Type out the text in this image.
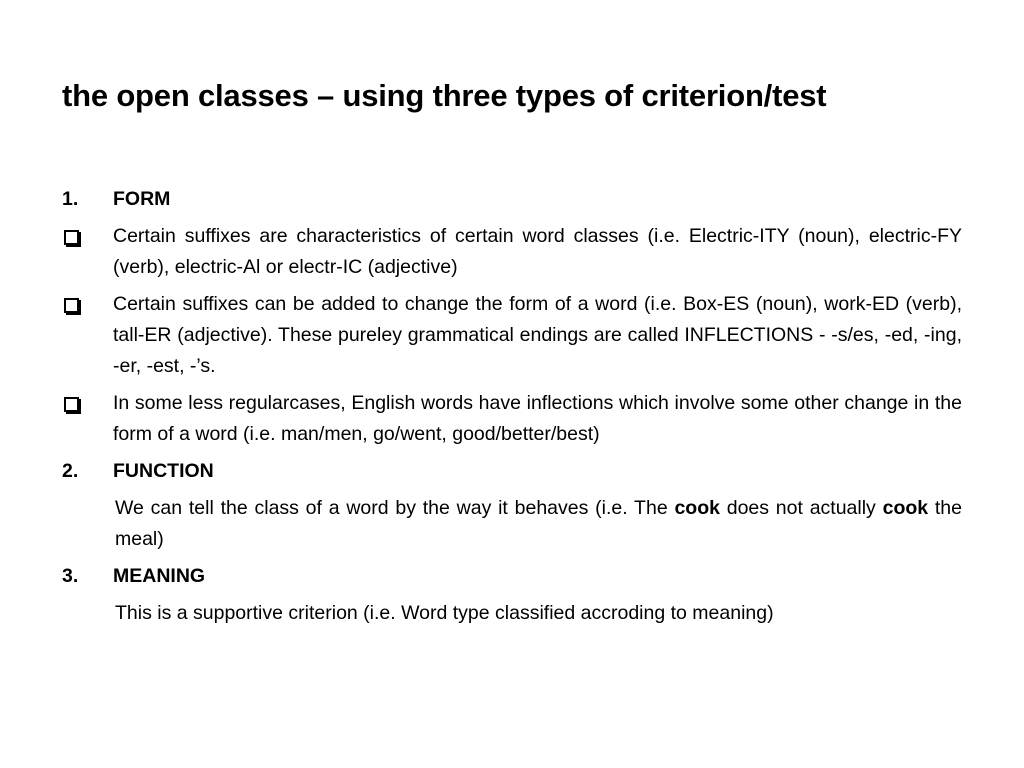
the open classes – using three types of criterion/test
1.	FORM
Certain suffixes are characteristics of certain word classes (i.e. Electric-ITY (noun), electric-FY (verb), electric-Al or electr-IC (adjective)
Certain suffixes can be added to change the form of a word (i.e. Box-ES (noun), work-ED (verb), tall-ER (adjective). These pureley grammatical endings are called INFLECTIONS - -s/es, -ed, -ing, -er, -est, -’s.
In some less regularcases, English words have inflections which involve some other change in the form of a word (i.e. man/men, go/went, good/better/best)
2.	FUNCTION
We can tell the class of a word by the way it behaves (i.e. The cook does not actually cook the meal)
3.	MEANING
This is a supportive criterion (i.e. Word type classified accroding to meaning)
